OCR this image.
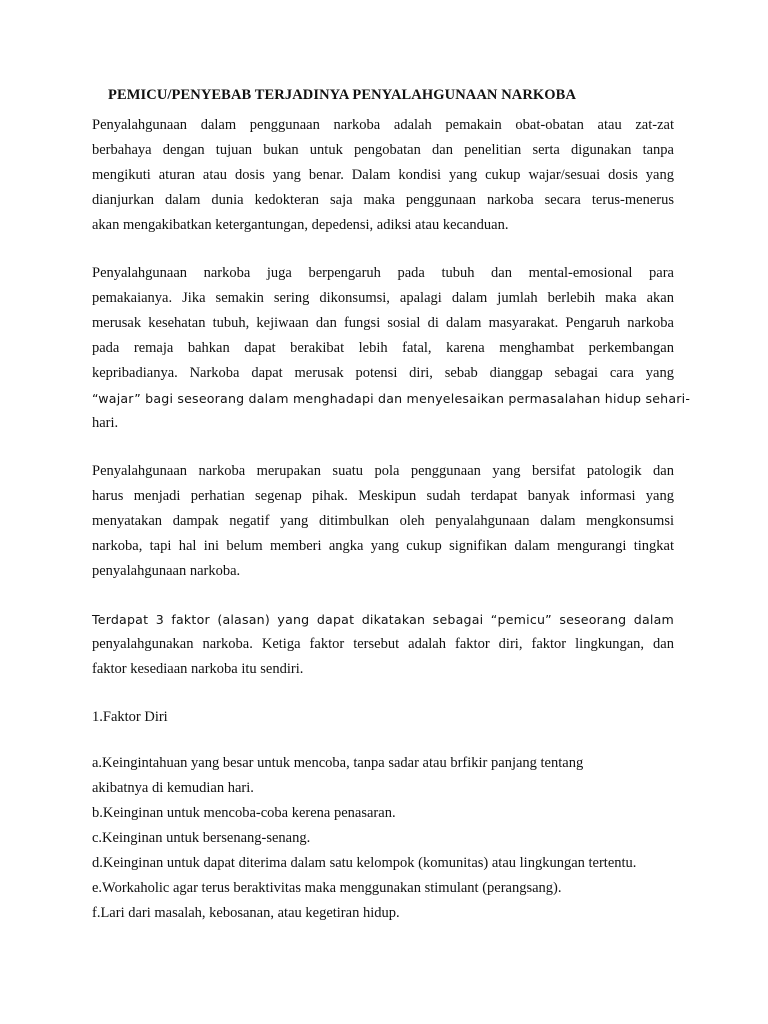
PEMICU/PENYEBAB TERJADINYA PENYALAHGUNAAN NARKOBA
Penyalahgunaan dalam penggunaan narkoba adalah pemakain obat-obatan atau zat-zat
berbahaya dengan tujuan bukan untuk pengobatan dan penelitian serta digunakan tanpa
mengikuti aturan atau dosis yang benar. Dalam kondisi yang cukup wajar/sesuai dosis yang
dianjurkan dalam dunia kedokteran saja maka penggunaan narkoba secara terus-menerus
akan mengakibatkan ketergantungan, depedensi, adiksi atau kecanduan.
Penyalahgunaan narkoba juga berpengaruh pada tubuh dan mental-emosional para
pemakaianya. Jika semakin sering dikonsumsi, apalagi dalam jumlah berlebih maka akan
merusak kesehatan tubuh, kejiwaan dan fungsi sosial di dalam masyarakat. Pengaruh narkoba
pada remaja bahkan dapat berakibat lebih fatal, karena menghambat perkembangan
kepribadianya. Narkoba dapat merusak potensi diri, sebab dianggap sebagai cara yang
“wajar” bagi seseorang dalam menghadapi dan menyelesaikan permasalahan hidup sehari-
hari.
Penyalahgunaan narkoba merupakan suatu pola penggunaan yang bersifat patologik dan
harus menjadi perhatian segenap pihak. Meskipun sudah terdapat banyak informasi yang
menyatakan dampak negatif yang ditimbulkan oleh penyalahgunaan dalam mengkonsumsi
narkoba, tapi hal ini belum memberi angka yang cukup signifikan dalam mengurangi tingkat
penyalahgunaan narkoba.
Terdapat 3 faktor (alasan) yang dapat dikatakan sebagai “pemicu” seseorang dalam
penyalahgunakan narkoba. Ketiga faktor tersebut adalah faktor diri, faktor lingkungan, dan
faktor kesediaan narkoba itu sendiri.
1.Faktor Diri
a.Keingintahuan yang besar untuk mencoba, tanpa sadar atau brfikir panjang tentang
akibatnya di kemudian hari.
b.Keinginan untuk mencoba-coba kerena penasaran.
c.Keinginan untuk bersenang-senang.
d.Keinginan untuk dapat diterima dalam satu kelompok (komunitas) atau lingkungan tertentu.
e.Workaholic agar terus beraktivitas maka menggunakan stimulant (perangsang).
f.Lari dari masalah, kebosanan, atau kegetiran hidup.
